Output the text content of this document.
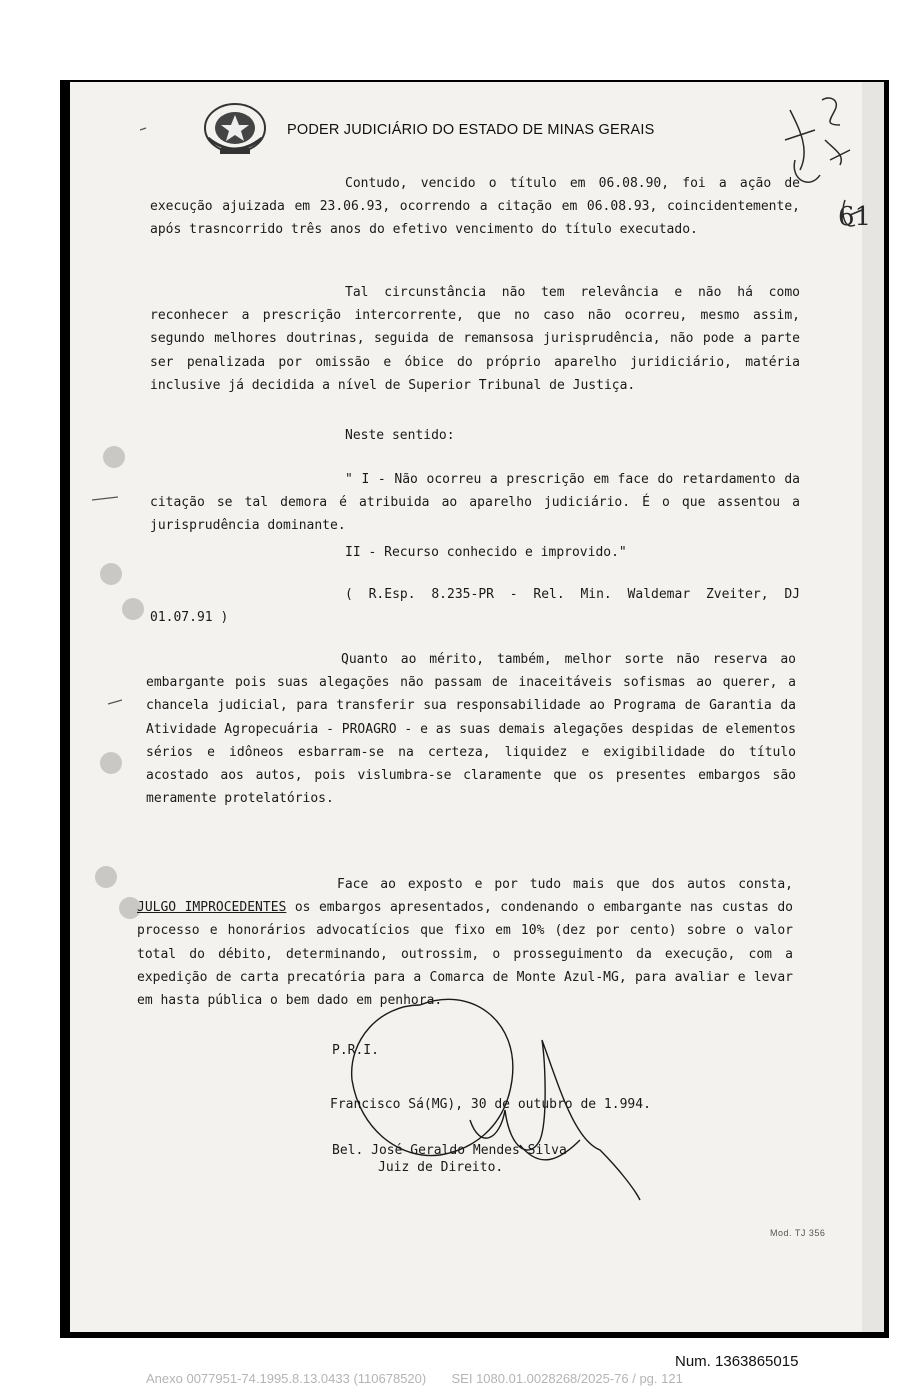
PODER JUDICIÁRIO DO ESTADO DE MINAS GERAIS
Contudo, vencido o título em 06.08.90, foi a ação de execução ajuizada em 23.06.93, ocorrendo a citação em 06.08.93, coincidentemente, após trasncorrido três anos do efetivo vencimento do título executado.
Tal circunstância não tem relevância e não há como reconhecer a prescrição intercorrente, que no caso não ocorreu, mesmo assim, segundo melhores doutrinas, seguida de remansosa jurisprudência, não pode a parte ser penalizada por omissão e óbice do próprio aparelho juridiciário, matéria inclusive já decidida a nível de Superior Tribunal de Justiça.
Neste sentido:
" I - Não ocorreu a prescrição em face do retardamento da citação se tal demora é atribuida ao aparelho judiciário. É o que assentou a jurisprudência dominante.
II - Recurso conhecido e improvido."
( R.Esp. 8.235-PR - Rel. Min. Waldemar Zveiter, DJ 01.07.91 )
Quanto ao mérito, também, melhor sorte não reserva ao embargante pois suas alegações não passam de inaceitáveis sofismas ao querer, a chancela judicial, para transferir sua responsabilidade ao Programa de Garantia da Atividade Agropecuária - PROAGRO - e as suas demais alegações despidas de elementos sérios e idôneos esbarram-se na certeza, liquidez e exigibilidade do título acostado aos autos, pois vislumbra-se claramente que os presentes embargos são meramente protelatórios.
Face ao exposto e por tudo mais que dos autos consta, JULGO IMPROCEDENTES os embargos apresentados, condenando o embargante nas custas do processo e honorários advocatícios que fixo em 10% (dez por cento) sobre o valor total do débito, determinando, outrossim, o prosseguimento da execução, com a expedição de carta precatória para a Comarca de Monte Azul-MG, para avaliar e levar em hasta pública o bem dado em penhora.
P.R.I.
Francisco Sá(MG), 30 de outubro de 1.994.
Bel. José Geraldo Mendes Silva
Juiz de Direito.
Mod. TJ 356
61
Num. 1363865015
Anexo 0077951-74.1995.8.13.0433 (110678520)       SEI 1080.01.0028268/2025-76 / pg. 121
